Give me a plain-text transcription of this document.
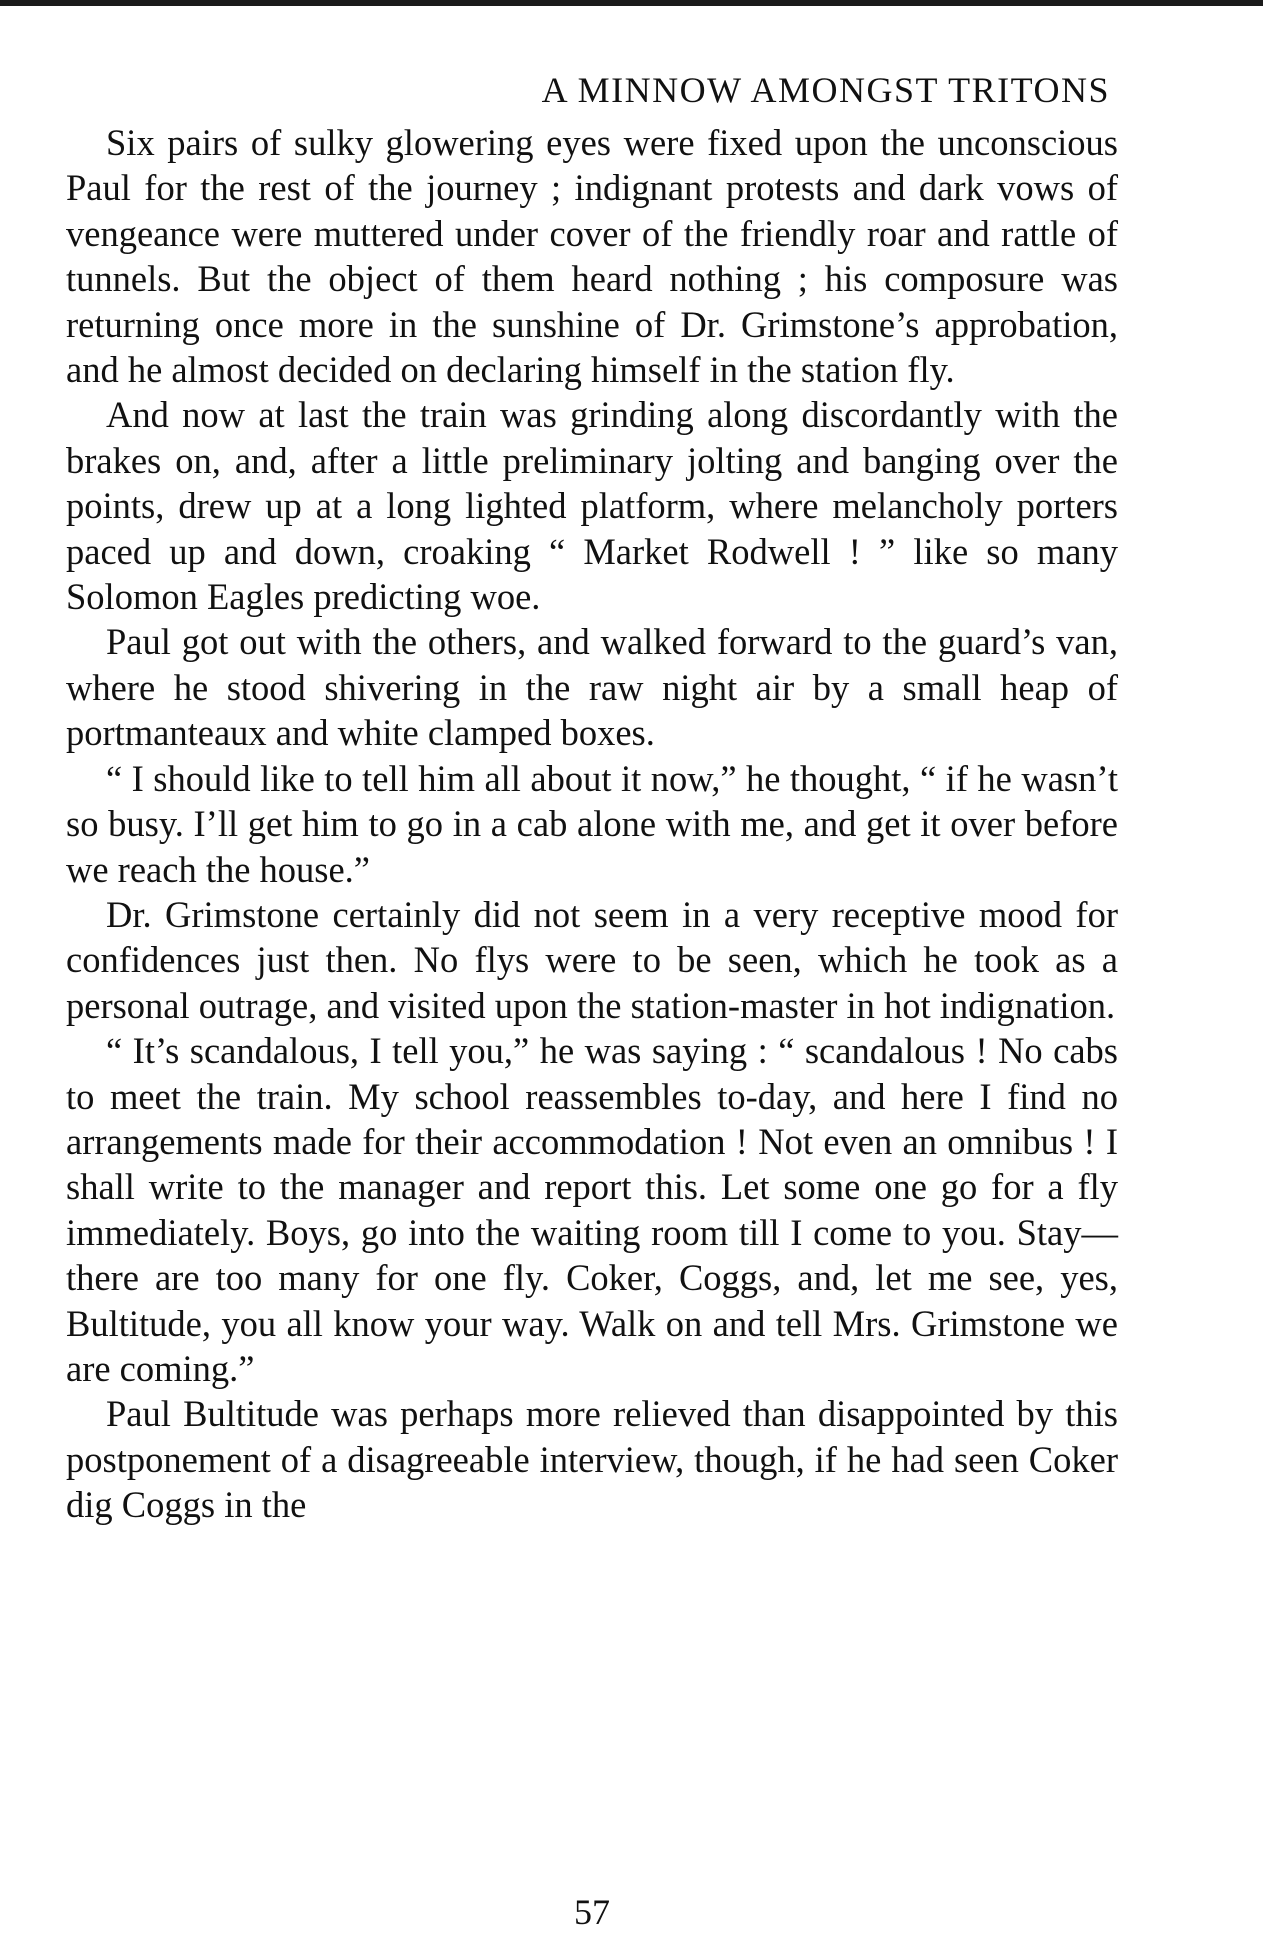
A MINNOW AMONGST TRITONS

Six pairs of sulky glowering eyes were fixed upon the unconscious Paul for the rest of the journey ; indignant protests and dark vows of vengeance were muttered under cover of the friendly roar and rattle of tunnels. But the object of them heard nothing ; his composure was returning once more in the sunshine of Dr. Grimstone’s approbation, and he almost decided on declaring himself in the station fly.

And now at last the train was grinding along discordantly with the brakes on, and, after a little preliminary jolting and banging over the points, drew up at a long lighted platform, where melancholy porters paced up and down, croaking “ Market Rodwell ! ” like so many Solomon Eagles predicting woe.

Paul got out with the others, and walked forward to the guard’s van, where he stood shivering in the raw night air by a small heap of portmanteaux and white clamped boxes.

“ I should like to tell him all about it now,” he thought, “ if he wasn’t so busy. I’ll get him to go in a cab alone with me, and get it over before we reach the house.”

Dr. Grimstone certainly did not seem in a very receptive mood for confidences just then. No flys were to be seen, which he took as a personal outrage, and visited upon the station-master in hot indignation.

“ It’s scandalous, I tell you,” he was saying : “ scandalous ! No cabs to meet the train. My school reassembles to-day, and here I find no arrangements made for their accommodation ! Not even an omnibus ! I shall write to the manager and report this. Let some one go for a fly immediately. Boys, go into the waiting room till I come to you. Stay—there are too many for one fly. Coker, Coggs, and, let me see, yes, Bultitude, you all know your way. Walk on and tell Mrs. Grimstone we are coming.”

Paul Bultitude was perhaps more relieved than disappointed by this postponement of a disagreeable interview, though, if he had seen Coker dig Coggs in the

57
